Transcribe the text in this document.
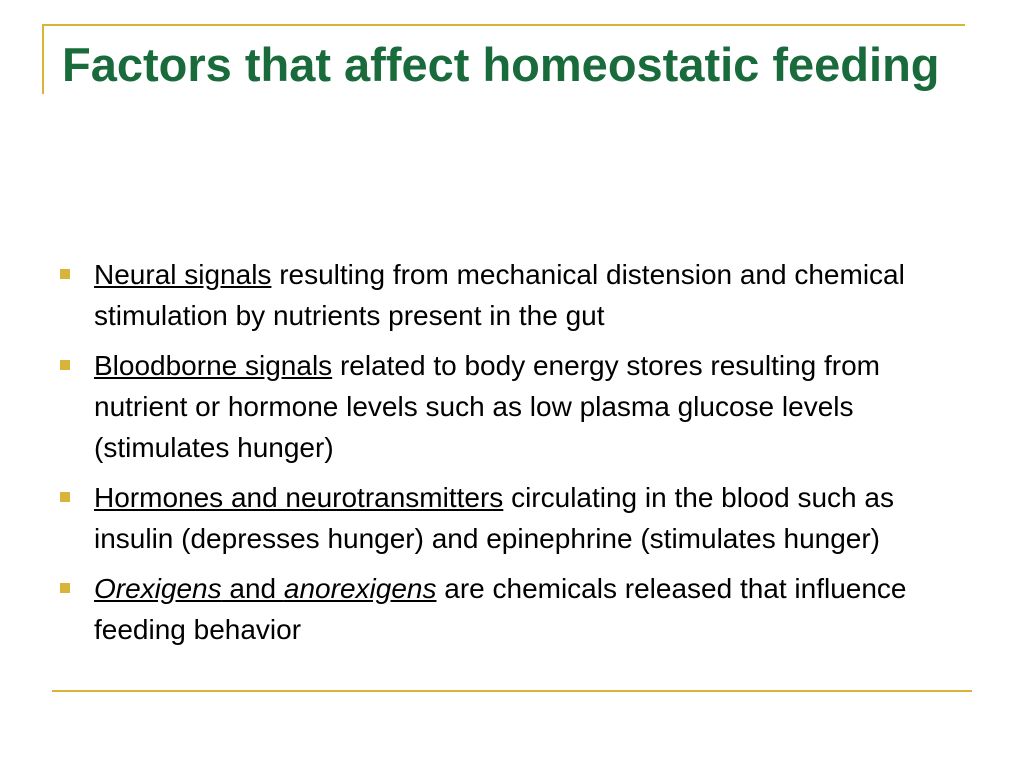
Factors that affect homeostatic feeding
Neural signals resulting from mechanical distension and chemical stimulation by nutrients present in the gut
Bloodborne signals related to body energy stores resulting from nutrient or hormone levels such as low plasma glucose levels (stimulates hunger)
Hormones and neurotransmitters circulating in the blood such as insulin (depresses hunger) and epinephrine (stimulates hunger)
Orexigens and anorexigens are chemicals released that influence feeding behavior
